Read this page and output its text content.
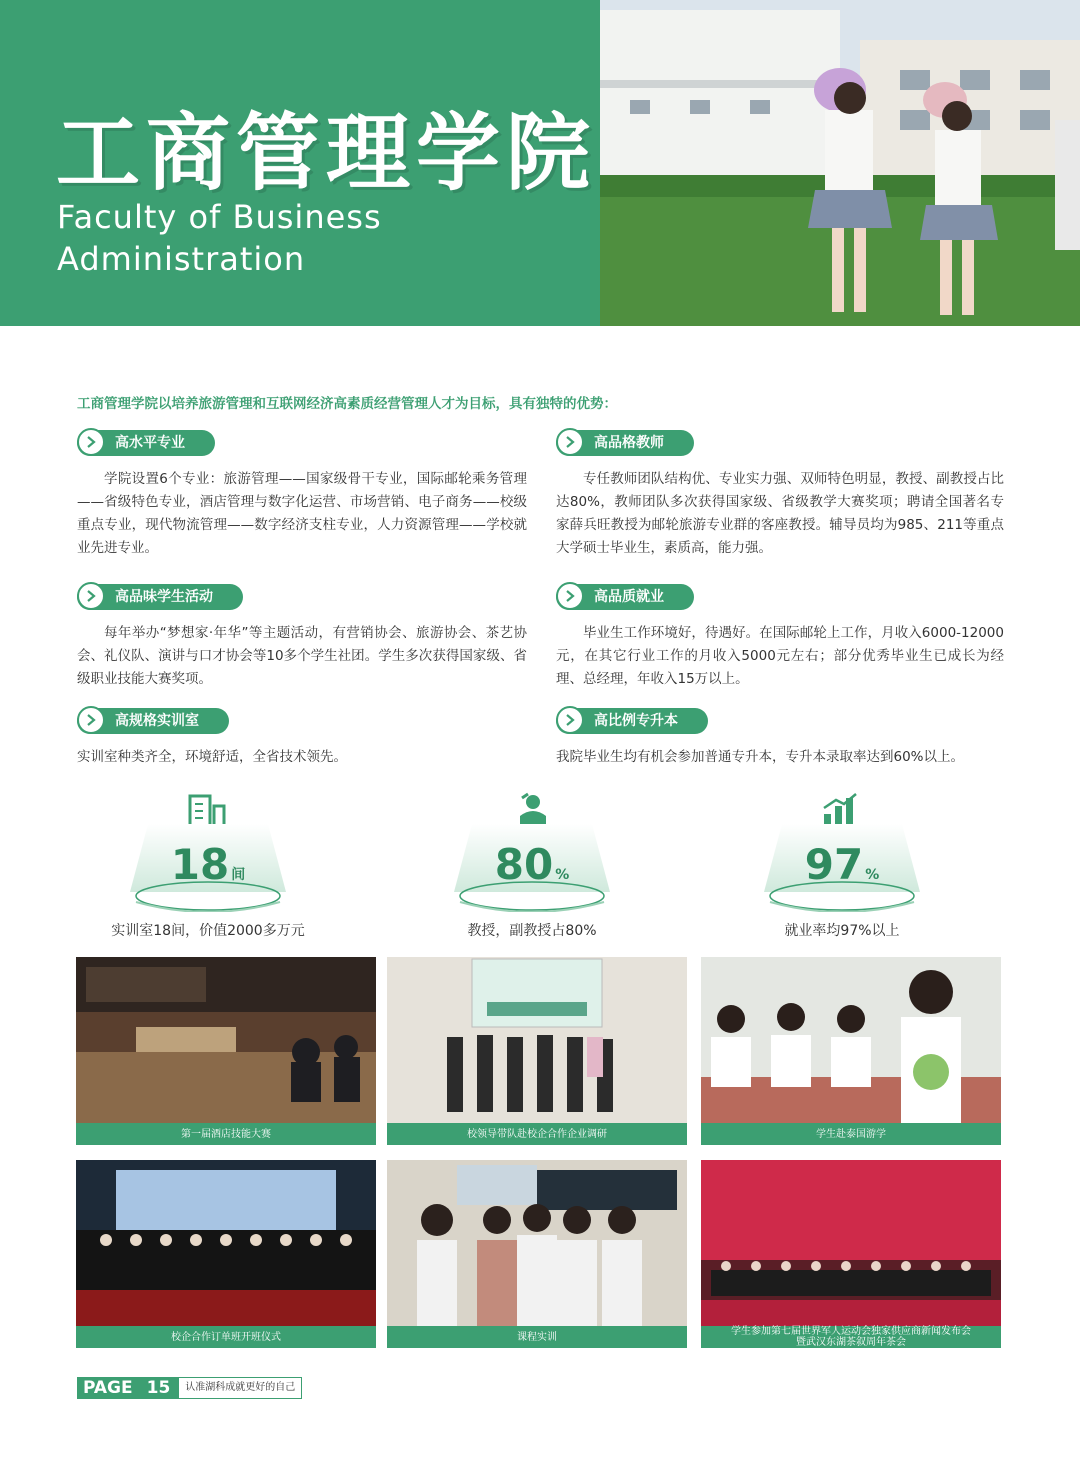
工商管理学院
Faculty of Business
Administration
工商管理学院以培养旅游管理和互联网经济高素质经营管理人才为目标，具有独特的优势：
高水平专业
学院设置6个专业：旅游管理——国家级骨干专业，国际邮轮乘务管理——省级特色专业，酒店管理与数字化运营、市场营销、电子商务——校级重点专业，现代物流管理——数字经济支柱专业，人力资源管理——学校就业先进专业。
高品格教师
专任教师团队结构优、专业实力强、双师特色明显，教授、副教授占比达80%，教师团队多次获得国家级、省级教学大赛奖项；聘请全国著名专家薛兵旺教授为邮轮旅游专业群的客座教授。辅导员均为985、211等重点大学硕士毕业生，素质高，能力强。
高品味学生活动
每年举办“梦想家·年华”等主题活动，有营销协会、旅游协会、茶艺协会、礼仪队、演讲与口才协会等10多个学生社团。学生多次获得国家级、省级职业技能大赛奖项。
高品质就业
毕业生工作环境好，待遇好。在国际邮轮上工作，月收入6000-12000元，在其它行业工作的月收入5000元左右；部分优秀毕业生已成长为经理、总经理，年收入15万以上。
高规格实训室
实训室种类齐全，环境舒适，全省技术领先。
高比例专升本
我院毕业生均有机会参加普通专升本，专升本录取率达到60%以上。
18 间
实训室18间，价值2000多万元
80 %
教授，副教授占80%
97 %
就业率均97%以上
第一届酒店技能大赛	校领导带队赴校企合作企业调研	学生赴泰国游学
校企合作订单班开班仪式	课程实训	学生参加第七届世界军人运动会独家供应商新闻发布会
暨武汉东湖茶叙周年茶会
PAGE 15	认准湖科成就更好的自己
